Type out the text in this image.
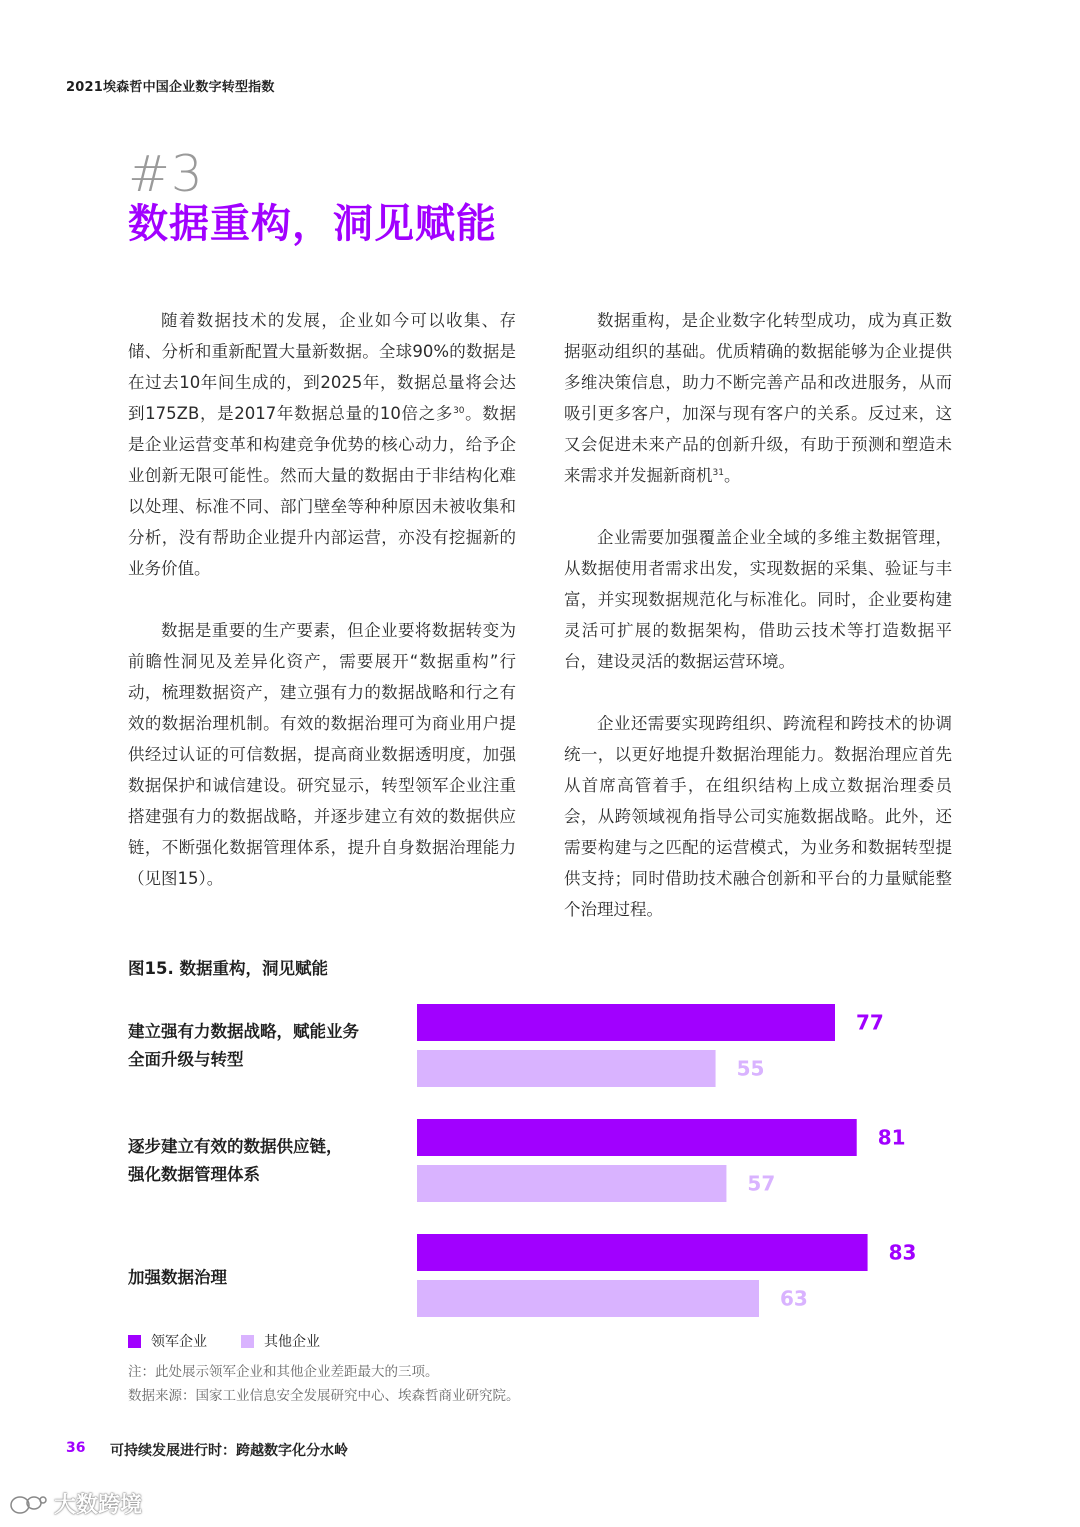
2021埃森哲中国企业数字转型指数
#3
数据重构，洞见赋能

随着数据技术的发展，企业如今可以收集、存储、分析和重新配置大量新数据。全球90%的数据是在过去10年间生成的，到2025年，数据总量将会达到175ZB，是2017年数据总量的10倍之多$^{30}$。数据是企业运营变革和构建竞争优势的核心动力，给予企业创新无限可能性。然而大量的数据由于非结构化难以处理、标准不同、部门壁垒等种种原因未被收集和分析，没有帮助企业提升内部运营，亦没有挖掘新的业务价值。

数据是重要的生产要素，但企业要将数据转变为前瞻性洞见及差异化资产，需要展开“数据重构”行动，梳理数据资产，建立强有力的数据战略和行之有效的数据治理机制。有效的数据治理可为商业用户提供经过认证的可信数据，提高商业数据透明度，加强数据保护和诚信建设。研究显示，转型领军企业注重搭建强有力的数据战略，并逐步建立有效的数据供应链，不断强化数据管理体系，提升自身数据治理能力（见图15）。

数据重构，是企业数字化转型成功，成为真正数据驱动组织的基础。优质精确的数据能够为企业提供多维决策信息，助力不断完善产品和改进服务，从而吸引更多客户，加深与现有客户的关系。反过来，这又会促进未来产品的创新升级，有助于预测和塑造未来需求并发掘新商机$^{31}$。

企业需要加强覆盖企业全域的多维主数据管理，从数据使用者需求出发，实现数据的采集、验证与丰富，并实现数据规范化与标准化。同时，企业要构建灵活可扩展的数据架构，借助云技术等打造数据平台，建设灵活的数据运营环境。

企业还需要实现跨组织、跨流程和跨技术的协调统一，以更好地提升数据治理能力。数据治理应首先从首席高管着手，在组织结构上成立数据治理委员会，从跨领域视角指导公司实施数据战略。此外，还需要构建与之匹配的运营模式，为业务和数据转型提供支持；同时借助技术融合创新和平台的力量赋能整个治理过程。

图15. 数据重构，洞见赋能
77
55
81
57
83
63
建立强有力数据战略，赋能业务
全面升级与转型
逐步建立有效的数据供应链，
强化数据管理体系
加强数据治理
领军企业	其他企业
注：此处展示领军企业和其他企业差距最大的三项。
数据来源：国家工业信息安全发展研究中心、埃森哲商业研究院。
36 可持续发展进行时：跨越数字化分水岭
大数跨境
